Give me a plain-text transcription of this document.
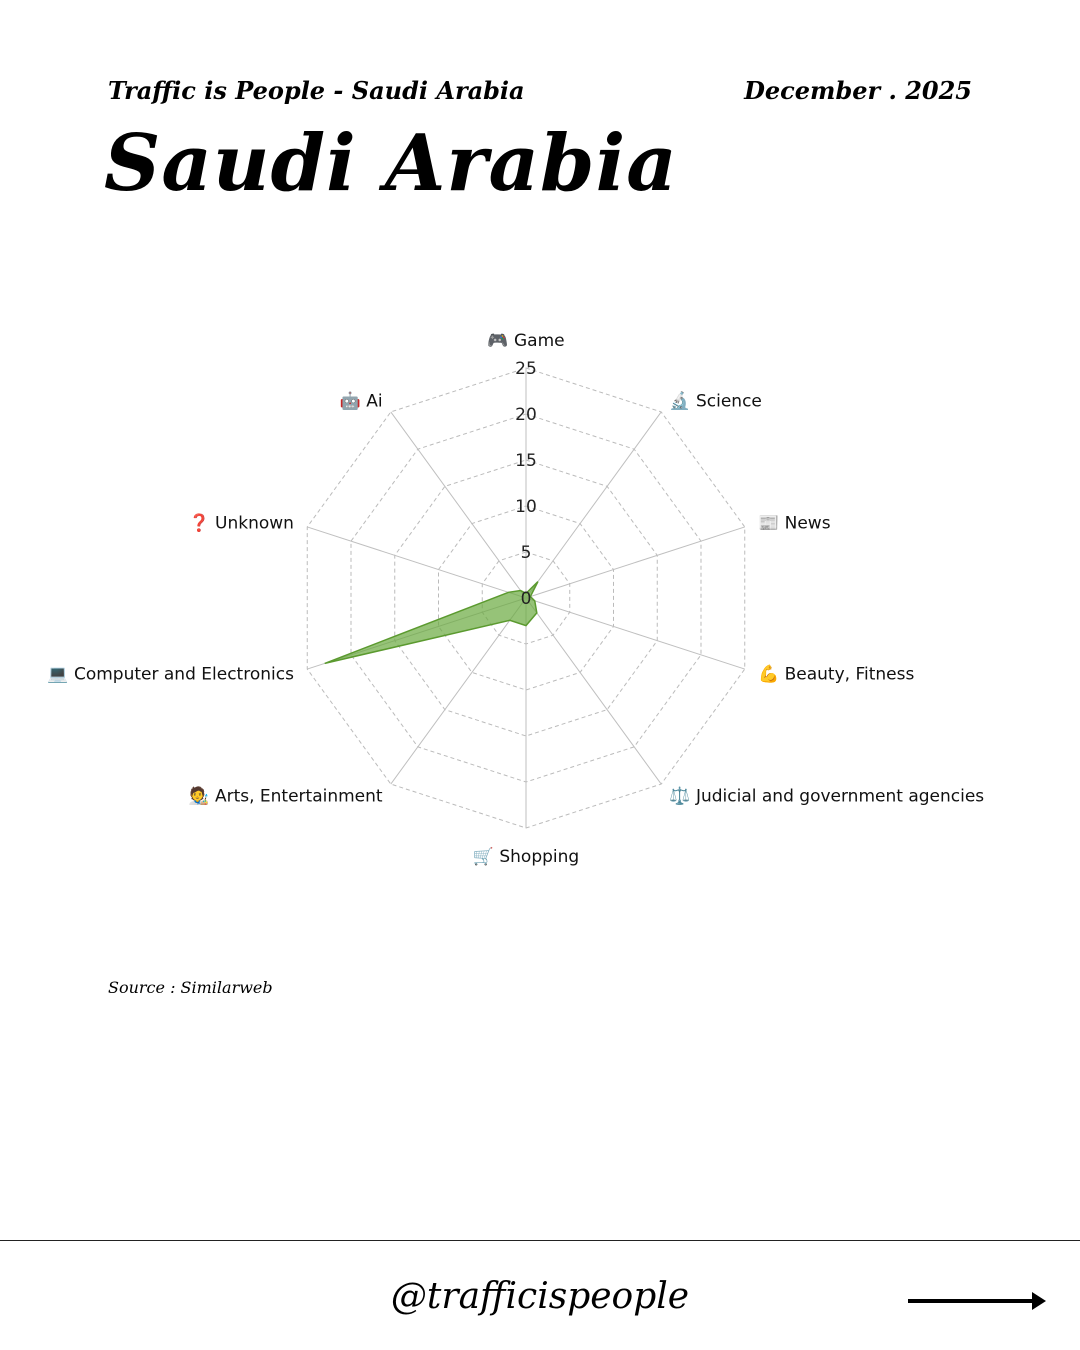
Traffic is People - Saudi Arabia	December . 2025
Saudi Arabia
0
5
10
15
20
25
🎮 Game
🔬 Science
📰 News
💪 Beauty, Fitness
⚖️ Judicial and government agencies
🛒 Shopping
🧑‍🎨 Arts, Entertainment
💻 Computer and Electronics
❓ Unknown
🤖 Ai
Source : Similarweb
@trafficispeople
